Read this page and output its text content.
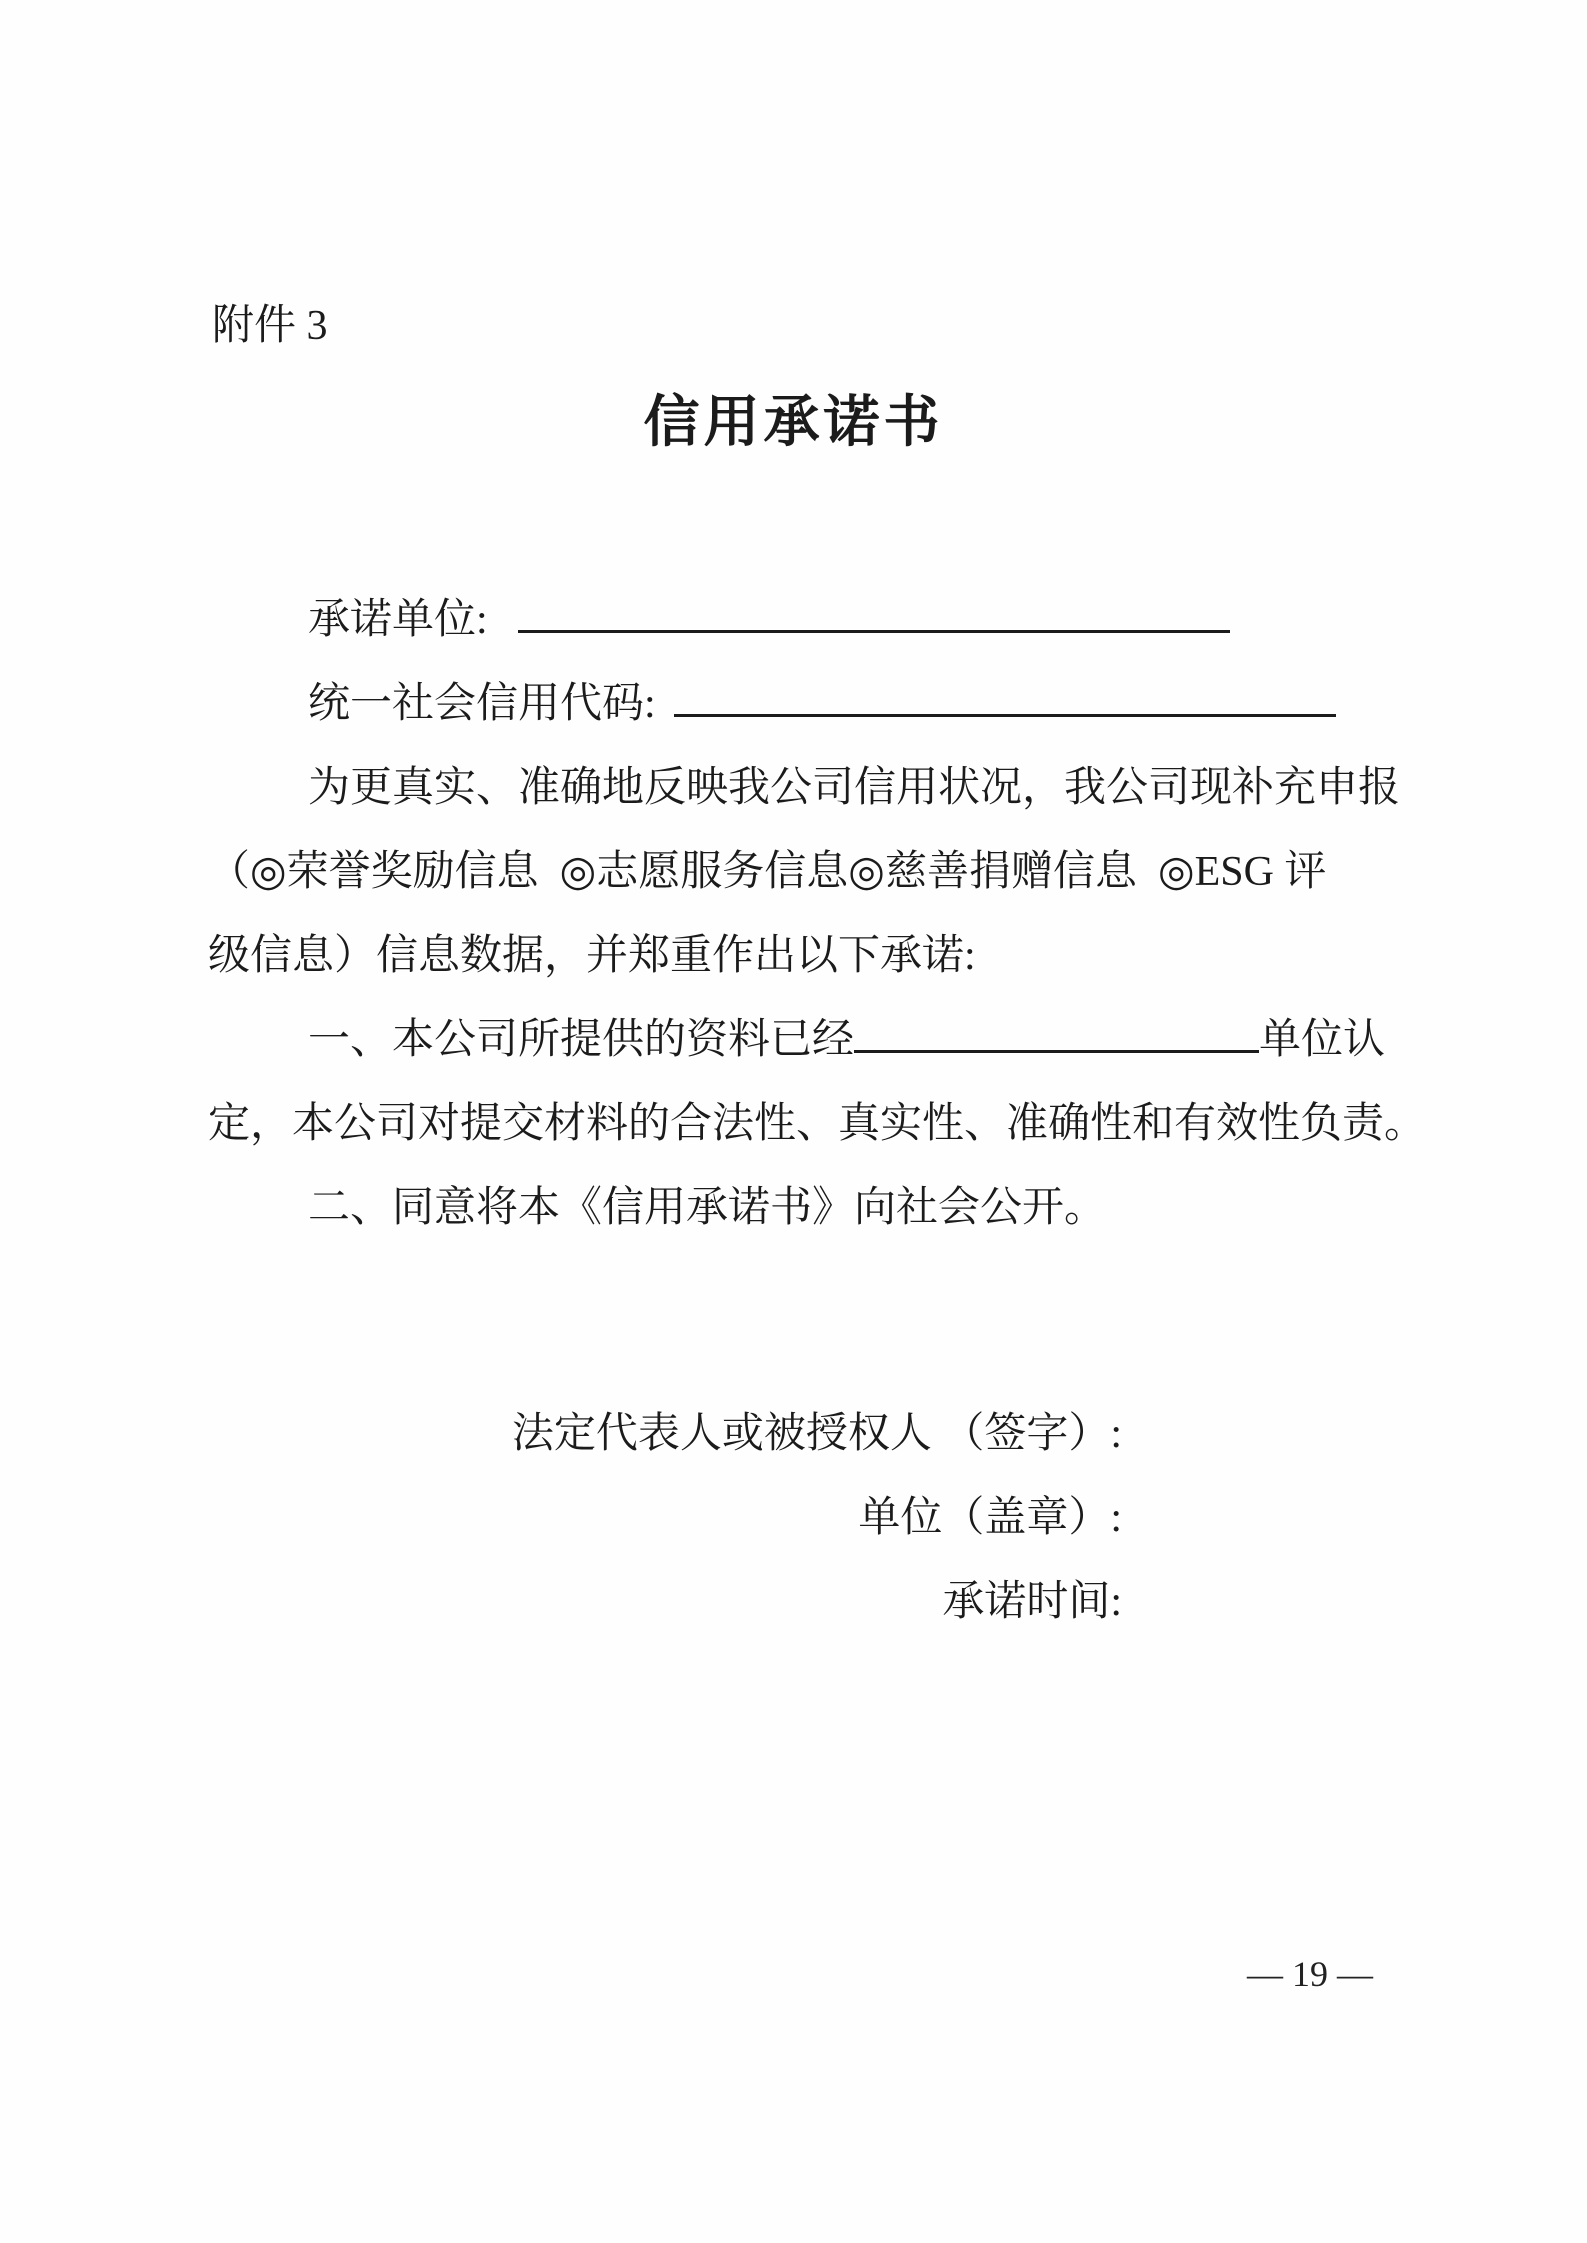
附件 3
信用承诺书
承诺单位:
统一社会信用代码:
为更真实、准确地反映我公司信用状况，我公司现补充申报
（◎荣誉奖励信息  ◎志愿服务信息◎慈善捐赠信息  ◎ESG 评
级信息）信息数据，并郑重作出以下承诺:
一、本公司所提供的资料已经	单位认
定，本公司对提交材料的合法性、真实性、准确性和有效性负责。
二、同意将本《信用承诺书》向社会公开。
法定代表人或被授权人 （签字）:
单位（盖章）:
承诺时间:
— 19 —
